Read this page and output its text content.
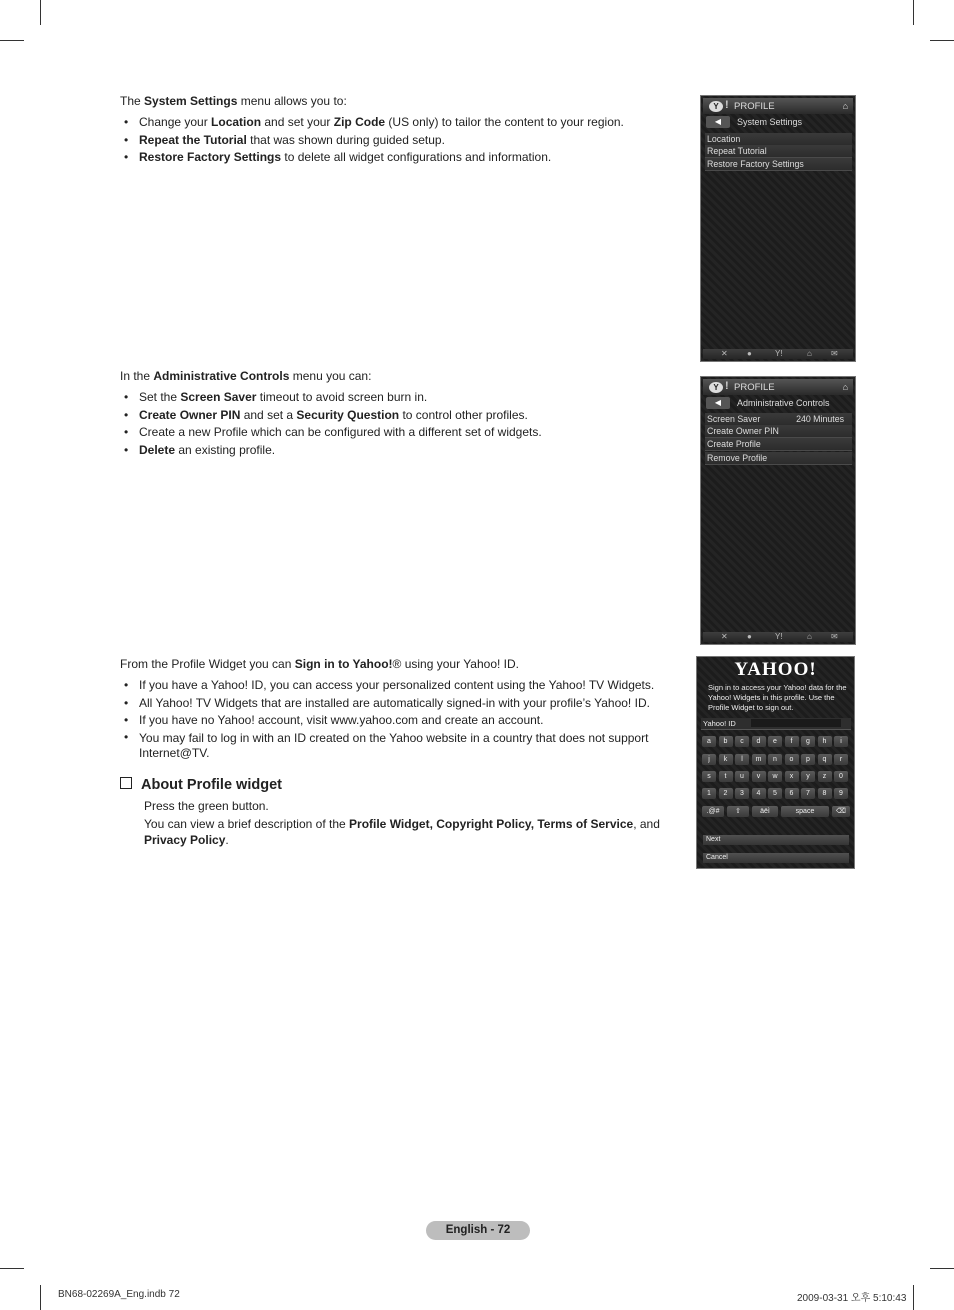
The System Settings menu allows you to:
• Change your Location and set your Zip Code (US only) to tailor the content to your region.
• Repeat the Tutorial that was shown during guided setup.
• Restore Factory Settings to delete all widget configurations and information.
In the Administrative Controls menu you can:
• Set the Screen Saver timeout to avoid screen burn in.
• Create Owner PIN and set a Security Question to control other profiles.
• Create a new Profile which can be configured with a different set of widgets.
• Delete an existing profile.
From the Profile Widget you can Sign in to Yahoo!® using your Yahoo! ID.
• If you have a Yahoo! ID, you can access your personalized content using the Yahoo! TV Widgets.
• All Yahoo! TV Widgets that are installed are automatically signed-in with your profile’s Yahoo! ID.
• If you have no Yahoo! account, visit www.yahoo.com and create an account.
• You may fail to log in with an ID created on the Yahoo website in a country that does not support Internet@TV.
About Profile widget
Press the green button.
You can view a brief description of the Profile Widget, Copyright Policy, Terms of Service, and Privacy Policy.
Y ! PROFILE	⌂
◀	System Settings
Location
Repeat Tutorial
Restore Factory Settings
✕ ●	Y!	⌂ ✉
Y ! PROFILE	⌂
◀	Administrative Controls
Screen Saver	240 Minutes
Create Owner PIN
Create Profile
Remove Profile
✕ ●	Y!	⌂ ✉
YAHOO!
Sign in to access your Yahoo! data for the Yahoo! Widgets in this profile. Use the Profile Widget to sign out.
Yahoo! ID
a	b	c	d	e	f	g	h	i
j	k	l	m	n	o	p	q	r
s	t	u	v	w	x	y	z	0
1	2	3	4	5	6	7	8	9
.@#	⇧	äëì	space	⌫
Next
Cancel
English - 72
BN68-02269A_Eng.indb 72	2009-03-31 오후 5:10:43
